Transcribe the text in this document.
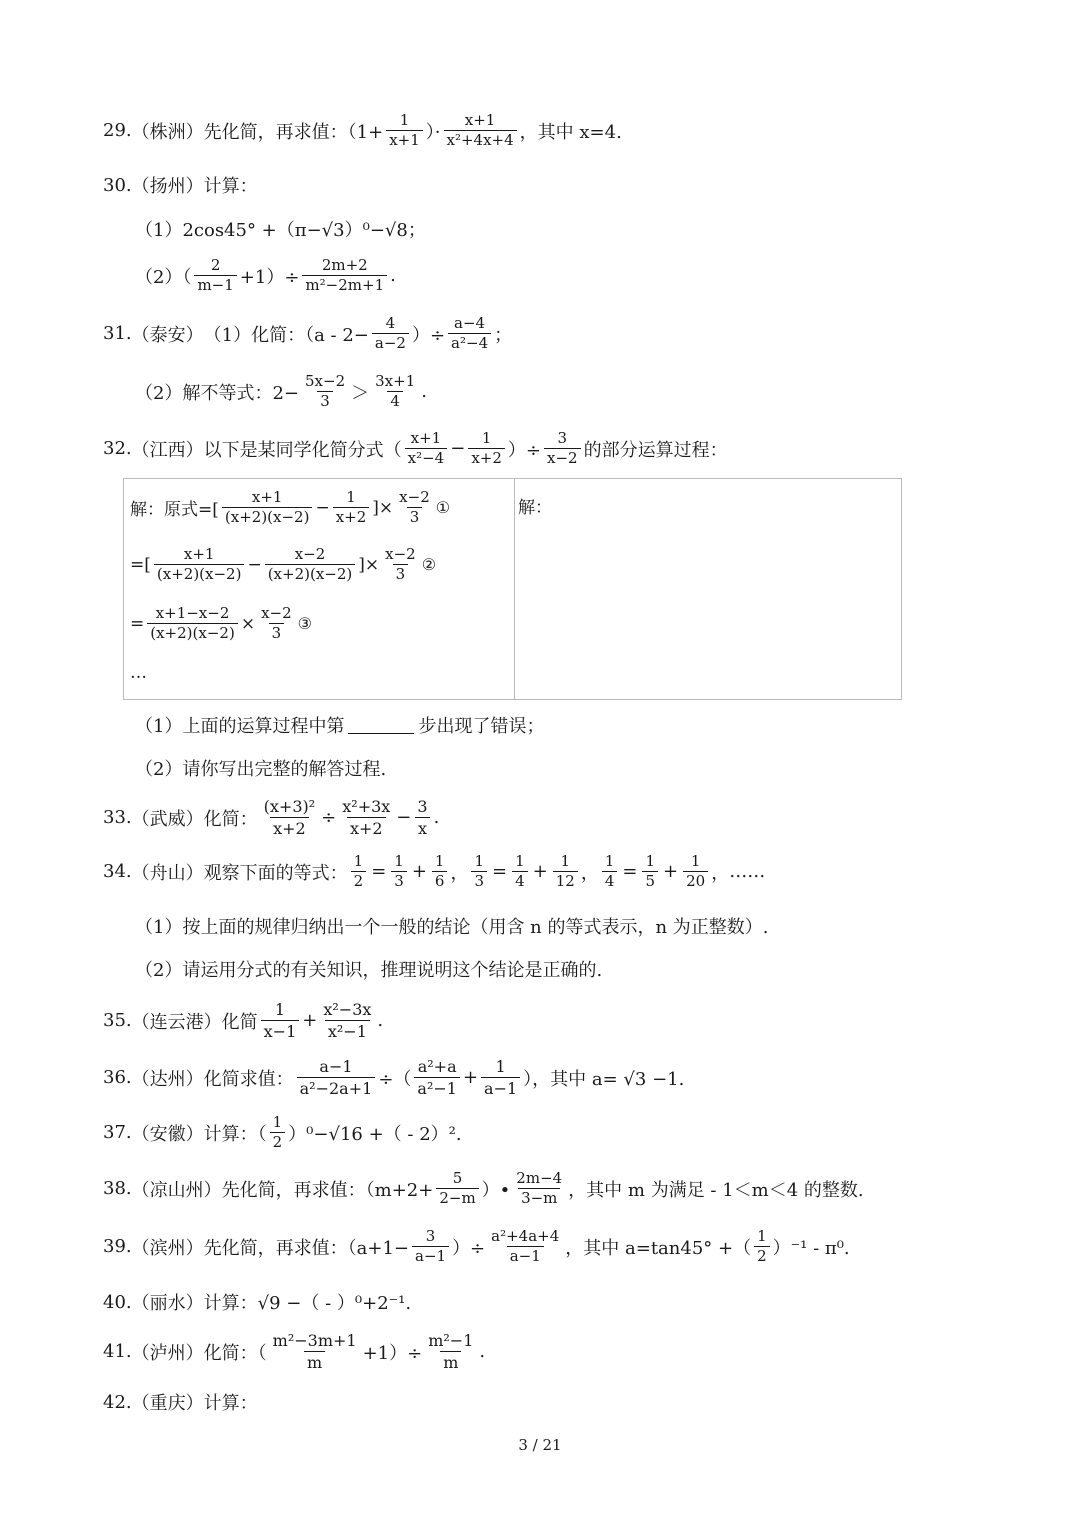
29. （株洲） 先化简，再求值：（$1+ \frac{1}{x+1}$ ）· $\frac{x+1}{\text{x²+4x+4}}$ ，其中 x=4.
30. （扬州） 计算：
（1）2cos45° +（π−√3）⁰−√8；
$(2)( \frac{2}{m-1} +1)\div \frac{2m+2}{\text{m²−2m+1}}$ .
31. （泰安） （1）化简：（$a - 2- \frac{4}{a-2}$ ）÷ $\frac{a-4}{\text{a²−4}}$ ；
（2）解不等式：$2- \frac{5x-2}{3} > \frac{3x+1}{4}$ .
32. （江西） 以下是某同学化简分式（ $\frac{x+1}{\text{x²−4}} - \frac{1}{x+2}$ ）÷ $\frac{3}{x-2}$ 的部分运算过程：
解：原式=[ $\frac{x+1}{(x+2)(x-2)} - \frac{1}{x+2}$ ]× $\frac{x-2}{3}$ ①
=[ $\frac{x+1}{(x+2)(x-2)} - \frac{x-2}{(x+2)(x-2)}$ ]× $\frac{x-2}{3}$ ②
= $\frac{x+1-x-2}{(x+2)(x-2)} \times \frac{x-2}{3}$ ③
…
解：
（1）上面的运算过程中第	步出现了错误；
（2）请你写出完整的解答过程.
33. （武威） 化简： $\frac{\text{(x+3)²}}{x+2} \div \frac{\text{x²+3x}}{x+2} - \frac{3}{x}$ .
34. （舟山） 观察下面的等式： $\frac{1}{2} = \frac{1}{3} + \frac{1}{6}$ ， $\frac{1}{3} = \frac{1}{4} + \frac{1}{12}$ ， $\frac{1}{4} = \frac{1}{5} + \frac{1}{20}$ ， ……
（1）按上面的规律归纳出一个一般的结论（用含 n 的等式表示，n 为正整数）.
（2）请运用分式的有关知识，推理说明这个结论是正确的.
35. （连云港） 化简 $\frac{1}{x-1} + \frac{\text{x²−3x}}{\text{x²−1}}$ .
36. （达州） 化简求值： $\frac{a-1}{\text{a²−2a+1}}$ ÷（ $\frac{\text{a²+a}}{\text{a²−1}} + \frac{1}{a-1}$ ），其中 a= √3 −1.
37. （安徽） 计算：（ $\frac{1}{2} )^0-√16$ +（ - 2）².
38. （凉山州） 先化简，再求值：（$m+2+ \frac{5}{2-m}$ ）• $\frac{2m-4}{3-m}$ ，其中 m 为满足 - 1＜m＜4 的整数.
39. （滨州） 先化简，再求值：（$a+1- \frac{3}{a-1}$ ）÷ $\frac{\text{a²+4a+4}}{a-1}$ ，其中 a=tan45° +（ $\frac{1}{2} )^{-1} - \pi^0$.
40. （丽水） 计算：√9 −（ - ）⁰+2⁻¹.
41. （泸州） 化简：（ $\frac{\text{m²−3m+1}}{m} +1)\div \frac{\text{m²−1}}{m}$ .
42. （重庆） 计算：
3 / 21
